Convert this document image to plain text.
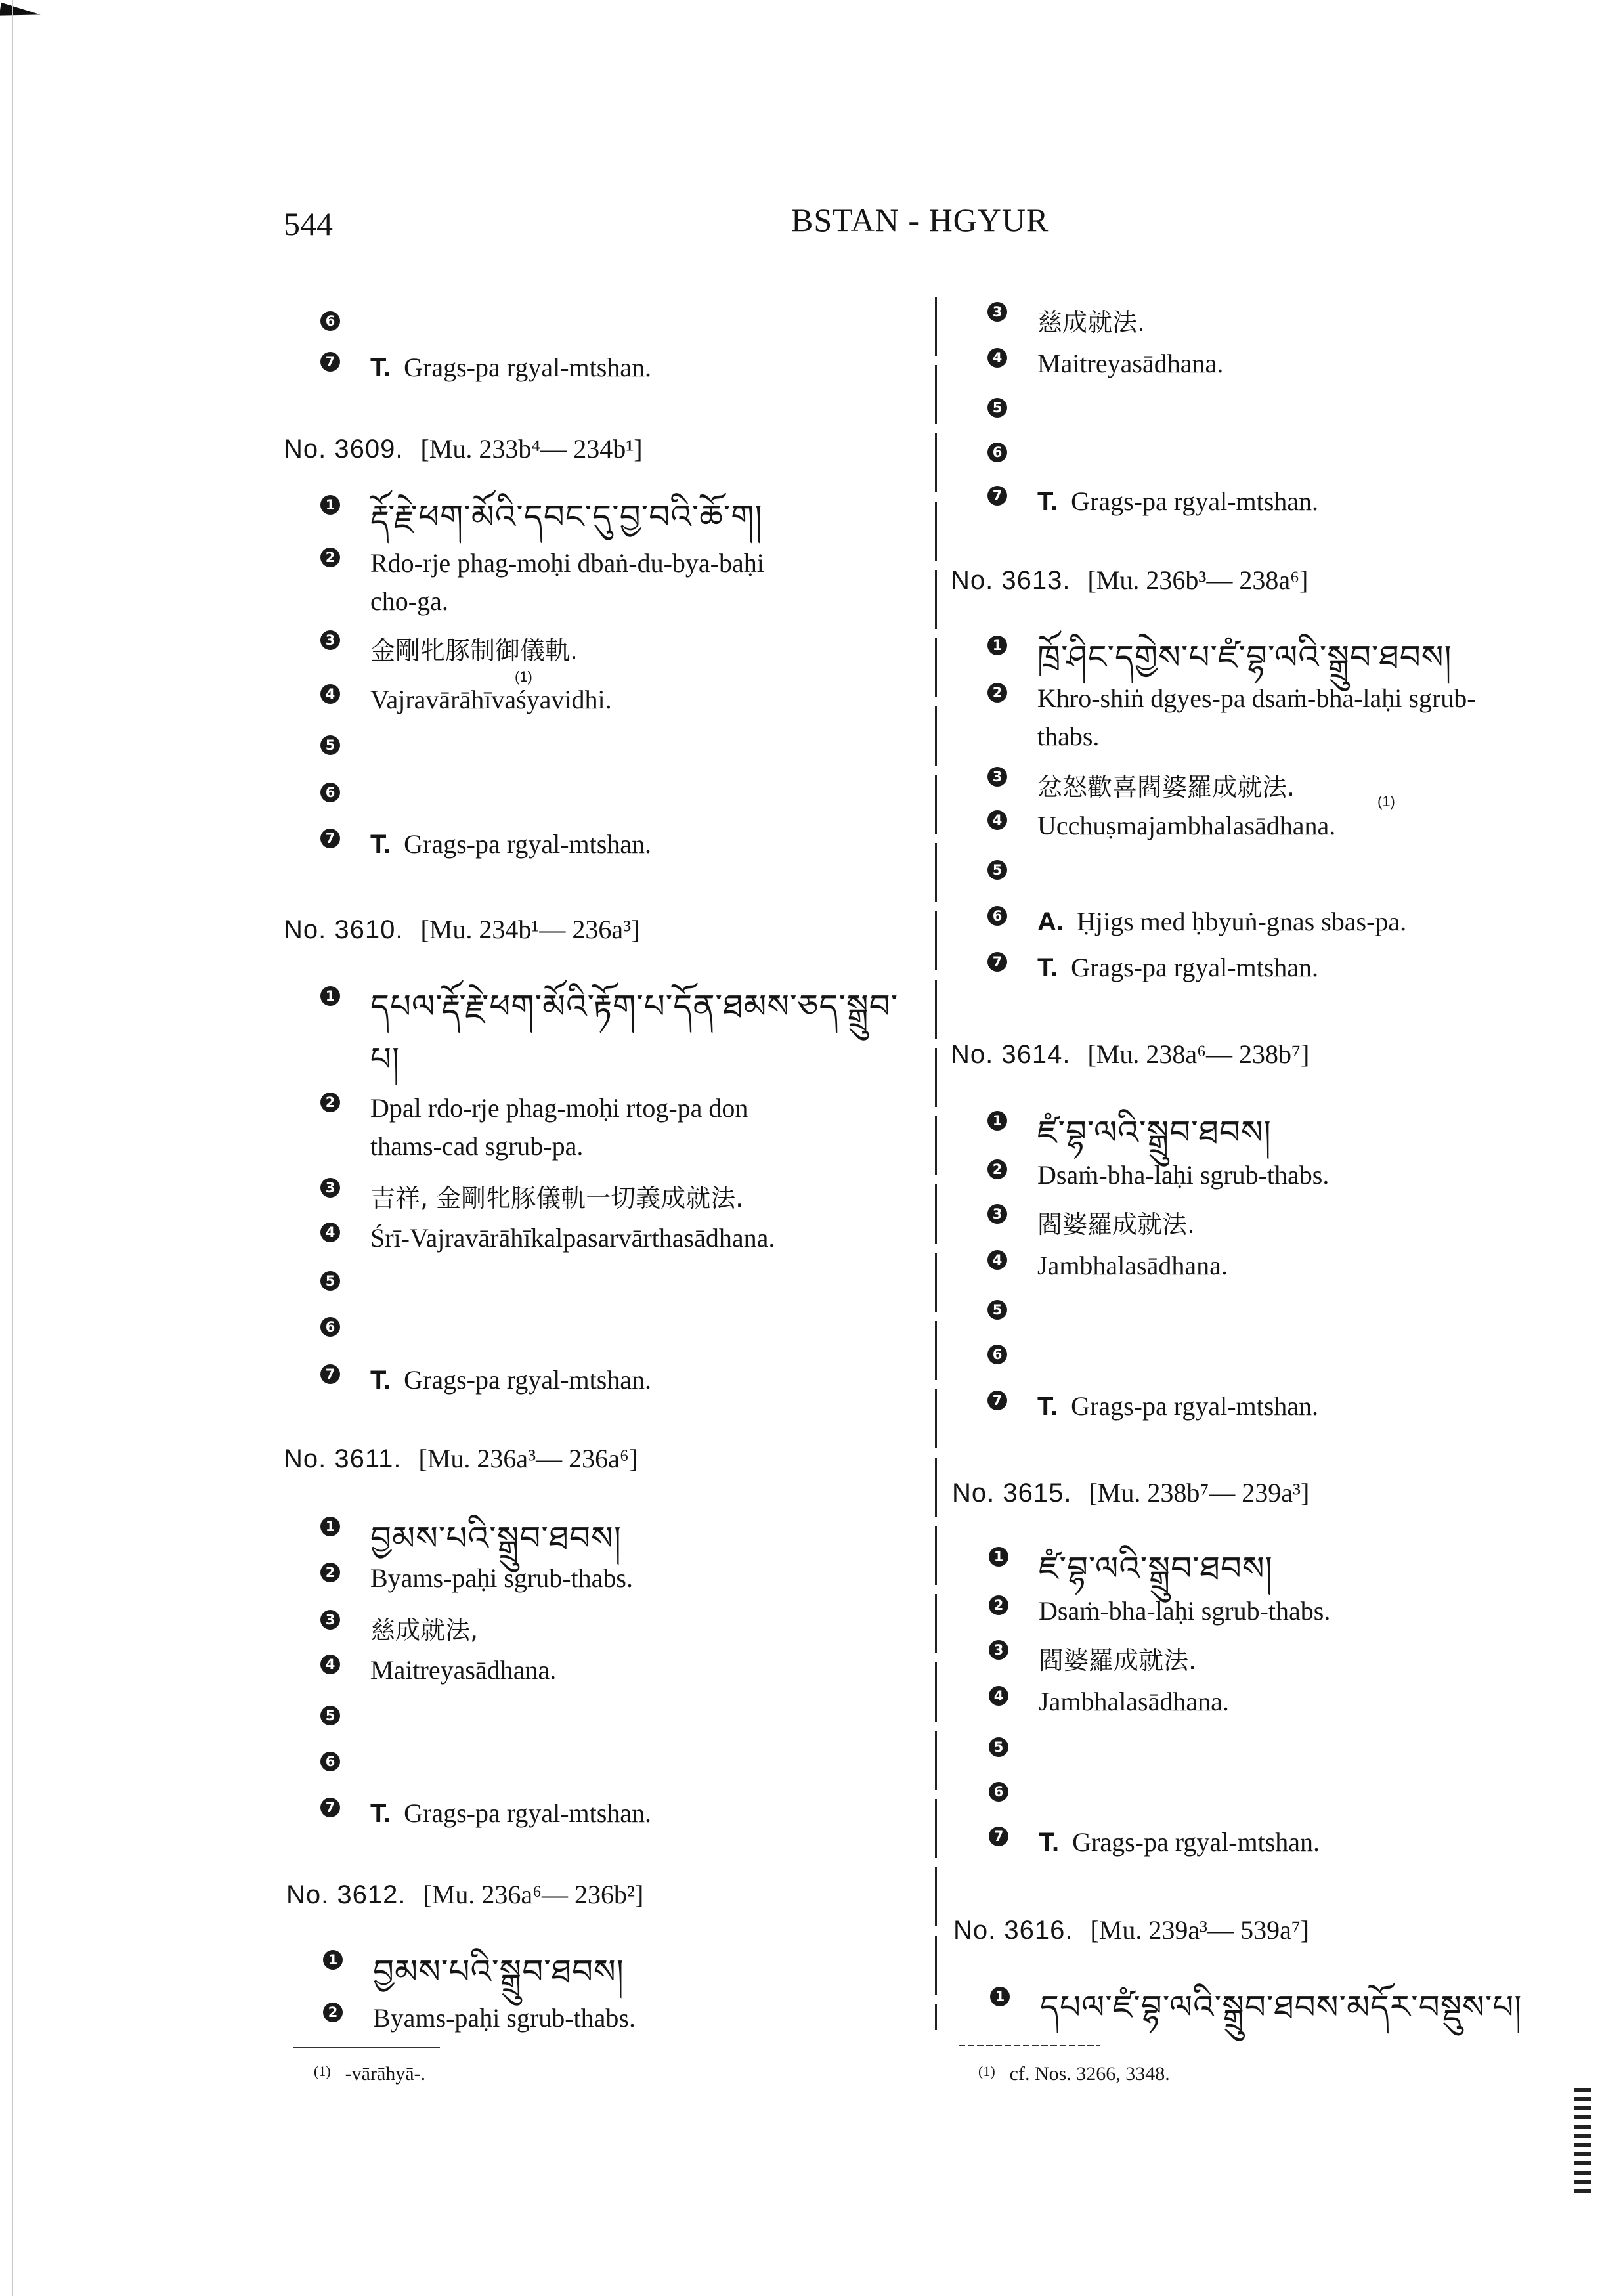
544	BSTAN - HGYUR
6
7 T. Grags-pa rgyal-mtshan.
No. 3609. [Mu. 233b⁴— 234b¹]
1 རྡོ་རྗེ་ཕག་མོའི་དབང་དུ་བྱ་བའི་ཆོ་ག།
2 Rdo-rje phag-moḥi dbaṅ-du-bya-baḥi
cho-ga.
3 金剛牝豚制御儀軌.
(1)
4 Vajravārāhīvaśyavidhi.
5
6
7 T. Grags-pa rgyal-mtshan.
No. 3610. [Mu. 234b¹— 236a³]
1 དཔལ་རྡོ་རྗེ་ཕག་མོའི་རྟོག་པ་དོན་ཐམས་ཅད་སྒྲུབ་
པ།
2 Dpal rdo-rje phag-moḥi rtog-pa don
thams-cad sgrub-pa.
3 吉祥, 金剛牝豚儀軌一切義成就法.
4 Śrī-Vajravārāhīkalpasarvārthasādhana.
5
6
7 T. Grags-pa rgyal-mtshan.
No. 3611. [Mu. 236a³— 236a⁶]
1 བྱམས་པའི་སྒྲུབ་ཐབས།
2 Byams-paḥi sgrub-thabs.
3 慈成就法,
4 Maitreyasādhana.
5
6
7 T. Grags-pa rgyal-mtshan.
No. 3612. [Mu. 236a⁶— 236b²]
1 བྱམས་པའི་སྒྲུབ་ཐབས།
2 Byams-paḥi sgrub-thabs.
$^{(1)}$ -vārāhyā-.
3 慈成就法.
4 Maitreyasādhana.
5
6
7 T. Grags-pa rgyal-mtshan.
No. 3613. [Mu. 236b³— 238a⁶]
1 ཁྲོ་ཤིང་དགྱེས་པ་ཛཾ་བྷ་ལའི་སྒྲུབ་ཐབས།
2 Khro-shiṅ dgyes-pa dsaṁ-bha-laḥi sgrub-
thabs.
3 忿怒歡喜閻婆羅成就法.	(1)
4 Ucchuṣmajambhalasādhana.
5
6 A. Ḥjigs med ḥbyuṅ-gnas sbas-pa.
7 T. Grags-pa rgyal-mtshan.
No. 3614. [Mu. 238a⁶— 238b⁷]
1 ཛཾ་བྷ་ལའི་སྒྲུབ་ཐབས།
2 Dsaṁ-bha-laḥi sgrub-thabs.
3 閻婆羅成就法.
4 Jambhalasādhana.
5
6
7 T. Grags-pa rgyal-mtshan.
No. 3615. [Mu. 238b⁷— 239a³]
1 ཛཾ་བྷ་ལའི་སྒྲུབ་ཐབས།
2 Dsaṁ-bha-laḥi sgrub-thabs.
3 閻婆羅成就法.
4 Jambhalasādhana.
5
6
7 T. Grags-pa rgyal-mtshan.
No. 3616. [Mu. 239a³— 539a⁷]
1 དཔལ་ཛཾ་བྷ་ལའི་སྒྲུབ་ཐབས་མདོར་བསྡུས་པ།
$^{(1)}$ cf. Nos. 3266, 3348.
